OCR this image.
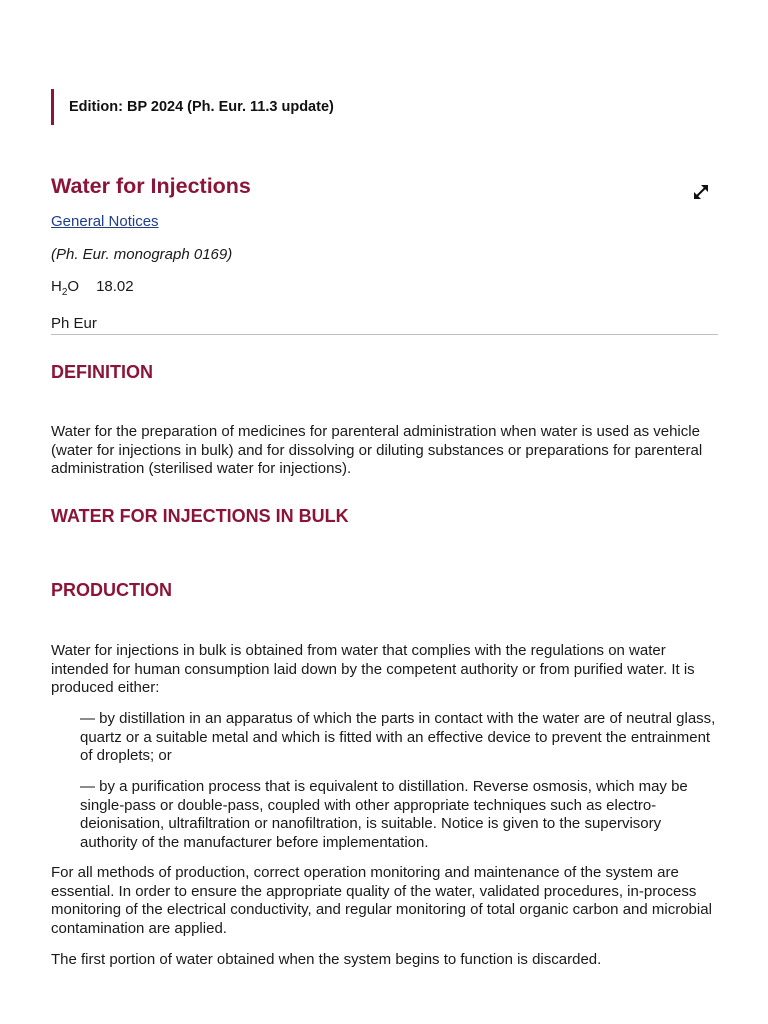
Edition: BP 2024 (Ph. Eur. 11.3 update)
Water for Injections
General Notices
(Ph. Eur. monograph 0169)
$H_2$ O 18.02
Ph Eur
DEFINITION

Water for the preparation of medicines for parenteral administration when water is used as vehicle (water for injections in bulk) and for dissolving or diluting substances or preparations for parenteral administration (sterilised water for injections).

WATER FOR INJECTIONS IN BULK
PRODUCTION

Water for injections in bulk is obtained from water that complies with the regulations on water intended for human consumption laid down by the competent authority or from purified water. It is produced either:

— by distillation in an apparatus of which the parts in contact with the water are of neutral glass, quartz or a suitable metal and which is fitted with an effective device to prevent the entrainment of droplets; or

— by a purification process that is equivalent to distillation. Reverse osmosis, which may be single-pass or double-pass, coupled with other appropriate techniques such as electro-deionisation, ultrafiltration or nanofiltration, is suitable. Notice is given to the supervisory authority of the manufacturer before implementation.

For all methods of production, correct operation monitoring and maintenance of the system are essential. In order to ensure the appropriate quality of the water, validated procedures, in-process monitoring of the electrical conductivity, and regular monitoring of total organic carbon and microbial contamination are applied.

The first portion of water obtained when the system begins to function is discarded.
